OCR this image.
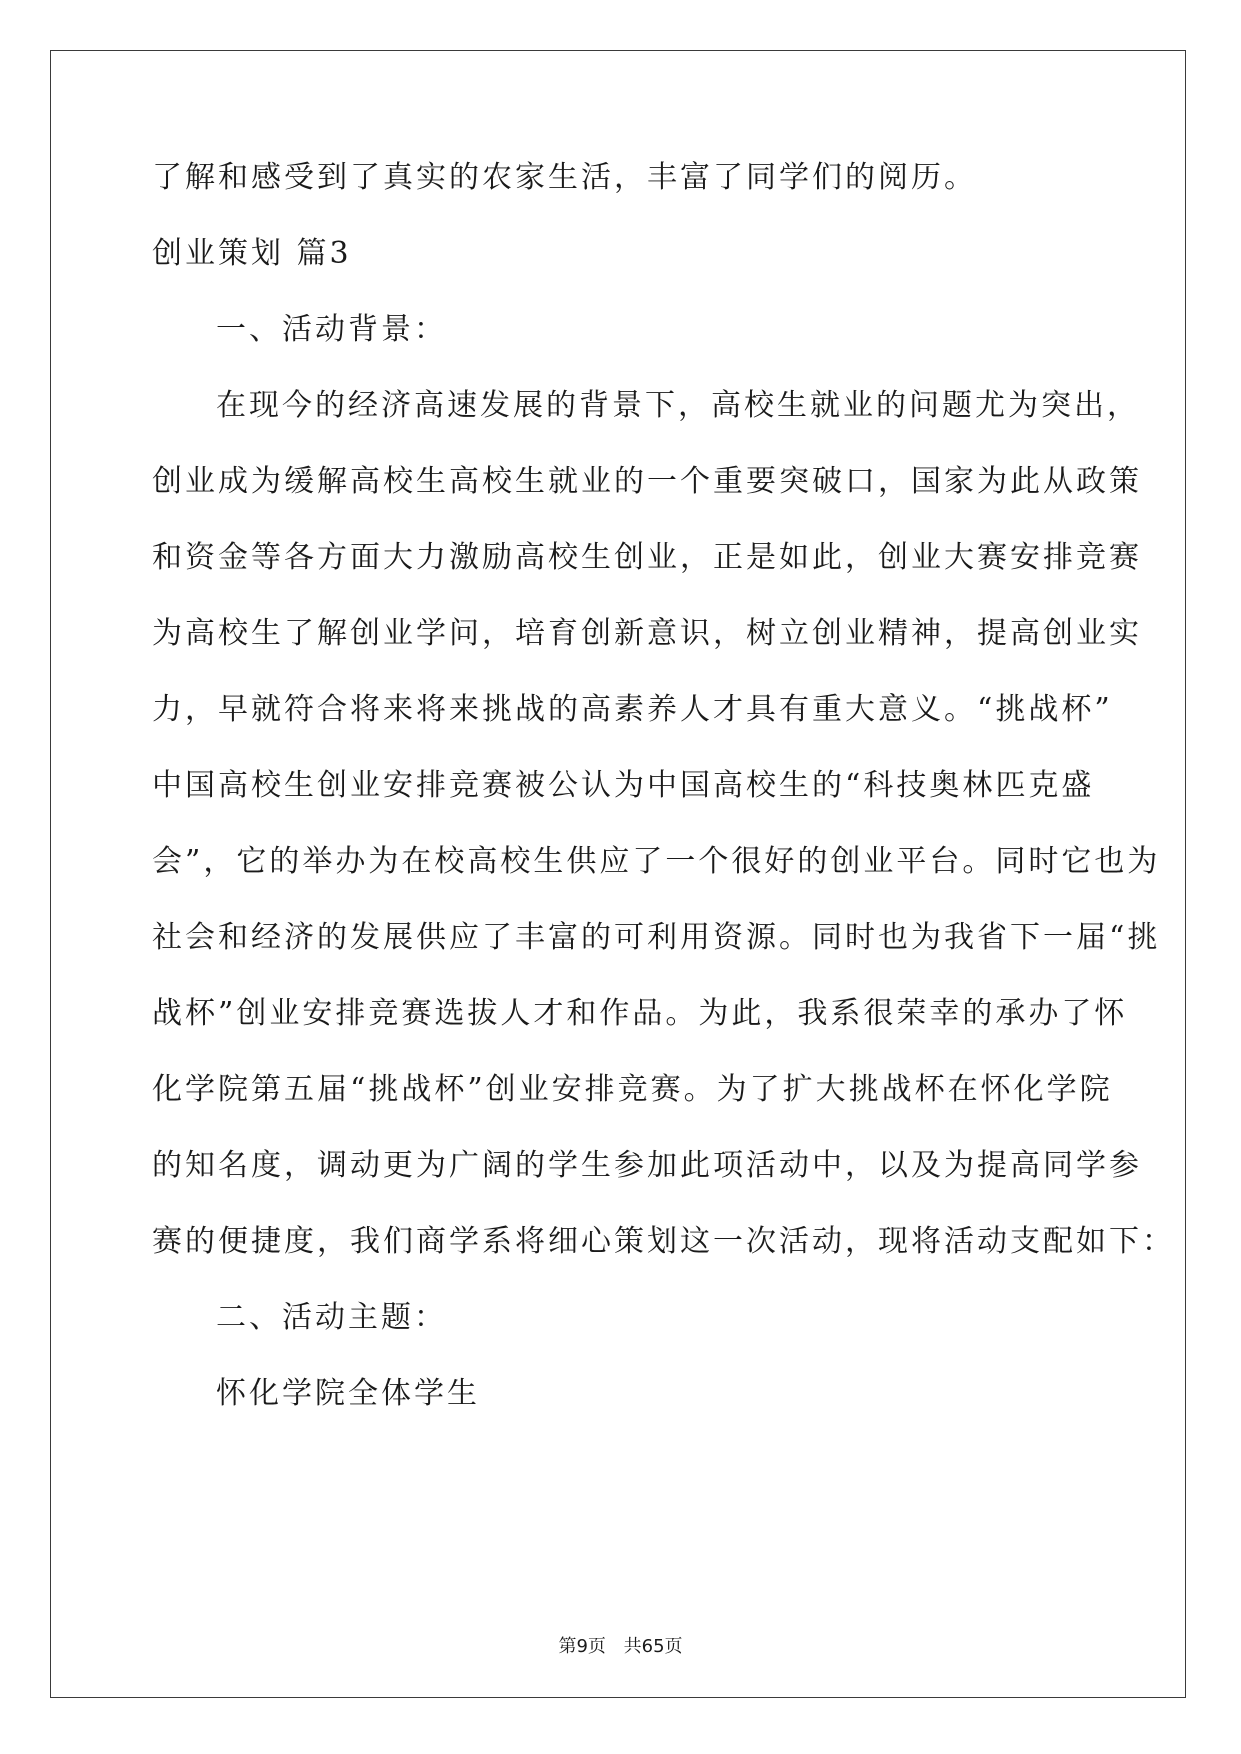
了解和感受到了真实的农家生活，丰富了同学们的阅历。

创业策划 篇3

一、活动背景：

在现今的经济高速发展的背景下，高校生就业的问题尤为突出，

创业成为缓解高校生高校生就业的一个重要突破口，国家为此从政策

和资金等各方面大力激励高校生创业，正是如此，创业大赛安排竞赛

为高校生了解创业学问，培育创新意识，树立创业精神，提高创业实

力，早就符合将来将来挑战的高素养人才具有重大意义。“挑战杯”

中国高校生创业安排竞赛被公认为中国高校生的“科技奥林匹克盛

会”，它的举办为在校高校生供应了一个很好的创业平台。同时它也为

社会和经济的发展供应了丰富的可利用资源。同时也为我省下一届“挑

战杯”创业安排竞赛选拔人才和作品。为此，我系很荣幸的承办了怀

化学院第五届“挑战杯”创业安排竞赛。为了扩大挑战杯在怀化学院

的知名度，调动更为广阔的学生参加此项活动中，以及为提高同学参

赛的便捷度，我们商学系将细心策划这一次活动，现将活动支配如下：

二、活动主题：

怀化学院全体学生

第9页 共65页
